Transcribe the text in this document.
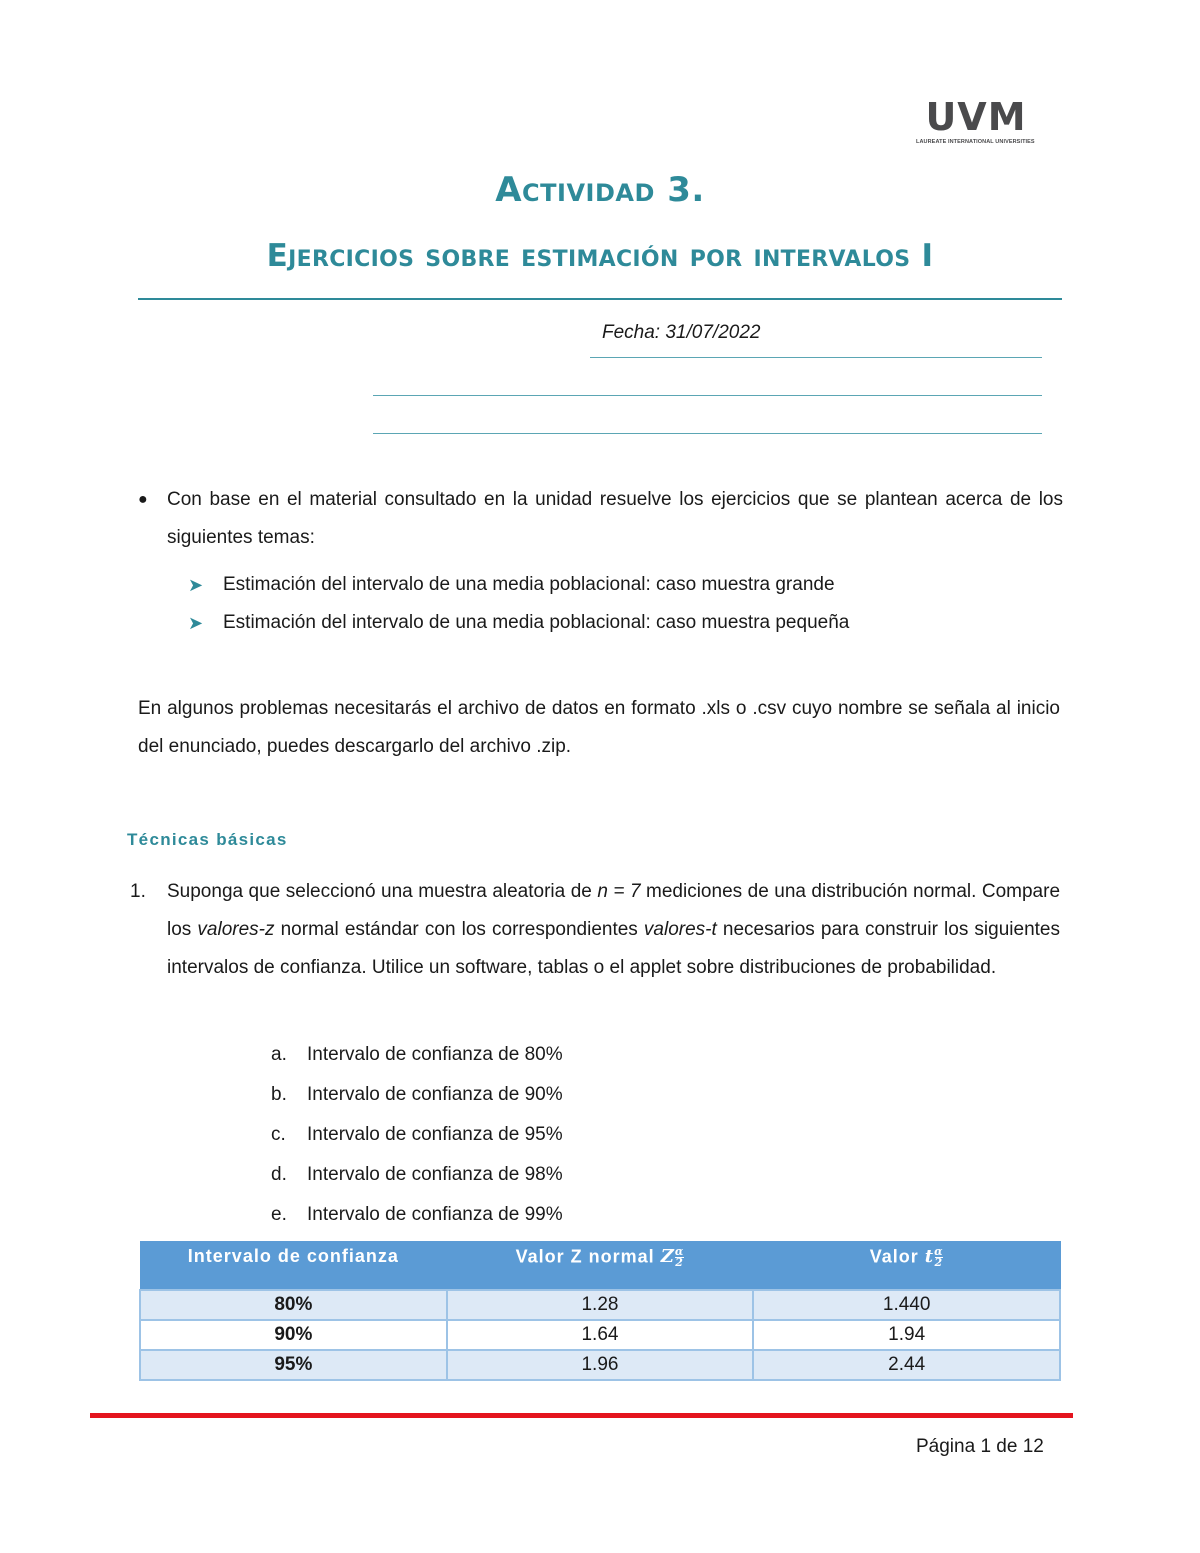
UVM
LAUREATE INTERNATIONAL UNIVERSITIES
Actividad 3.
Ejercicios sobre estimación por intervalos I
Fecha: 31/07/2022
● Con base en el material consultado en la unidad resuelve los ejercicios que se plantean acerca de los siguientes temas:
➤ Estimación del intervalo de una media poblacional: caso muestra grande
➤ Estimación del intervalo de una media poblacional: caso muestra pequeña
En algunos problemas necesitarás el archivo de datos en formato .xls o .csv cuyo nombre se señala al inicio del enunciado, puedes descargarlo del archivo .zip.
Técnicas básicas
1. Suponga que seleccionó una muestra aleatoria de n = 7 mediciones de una distribución normal. Compare los valores-z normal estándar con los correspondientes valores-t necesarios para construir los siguientes intervalos de confianza. Utilice un software, tablas o el applet sobre distribuciones de probabilidad.
a. Intervalo de confianza de 80%
b. Intervalo de confianza de 90%
c. Intervalo de confianza de 95%
d. Intervalo de confianza de 98%
e. Intervalo de confianza de 99%
Intervalo de confianza	Valor Z normal $Z_{\frac{\alpha}{2}}$	Valor $t_{\frac{\alpha}{2}}$
80%	1.28	1.440
90%	1.64	1.94
95%	1.96	2.44
Página 1 de 12
